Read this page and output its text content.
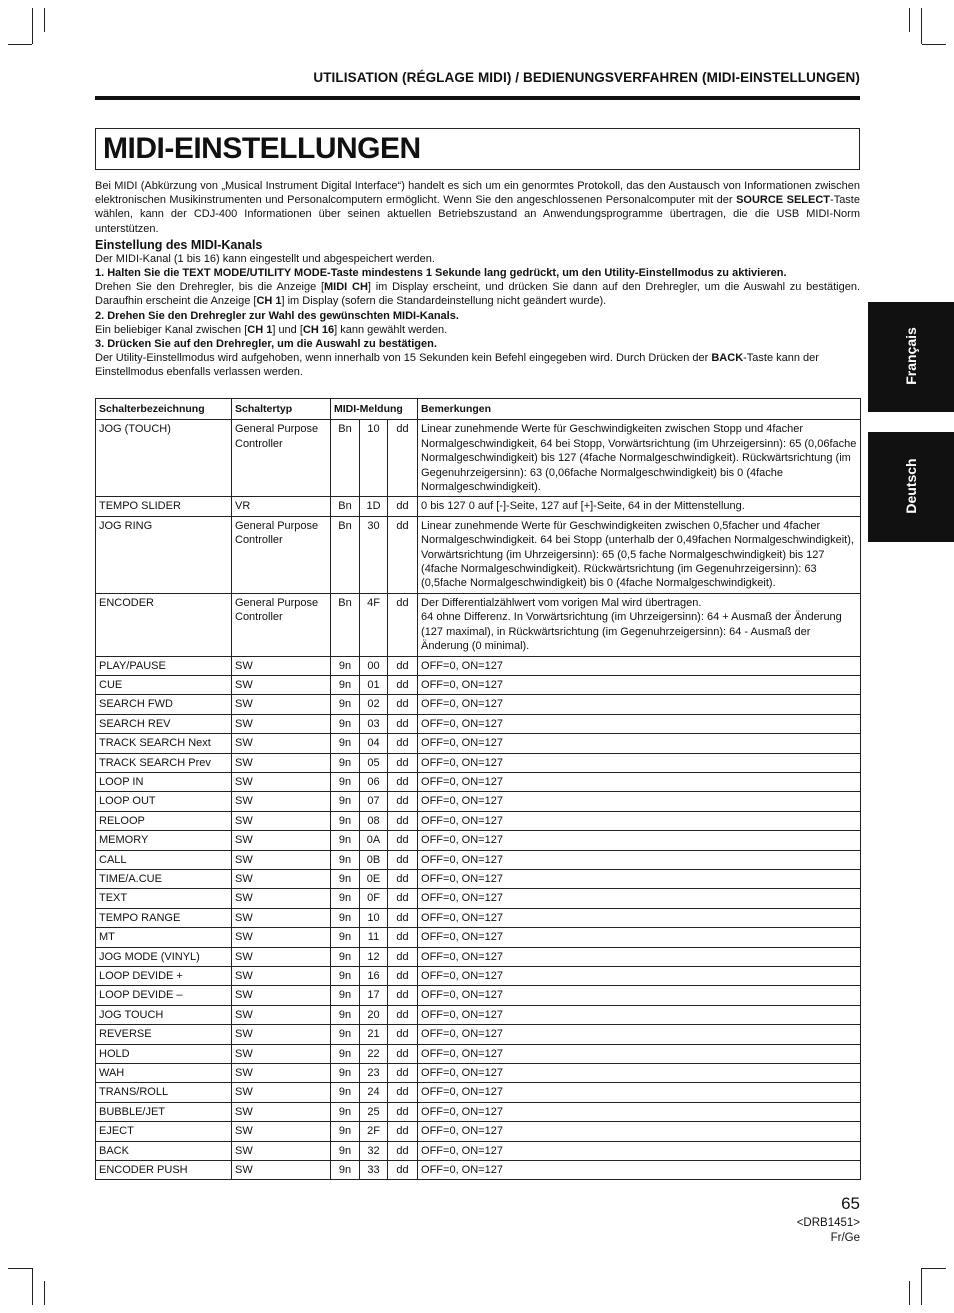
UTILISATION (RÉGLAGE MIDI) / BEDIENUNGSVERFAHREN (MIDI-EINSTELLUNGEN)
MIDI-EINSTELLUNGEN

Bei MIDI (Abkürzung von „Musical Instrument Digital Interface“) handelt es sich um ein genormtes Protokoll, das den Austausch von Informationen zwischen elektronischen Musikinstrumenten und Personalcomputern ermöglicht. Wenn Sie den angeschlossenen Personalcomputer mit der SOURCE SELECT-Taste wählen, kann der CDJ-400 Informationen über seinen aktuellen Betriebszustand an Anwendungsprogramme übertragen, die die USB MIDI-Norm unterstützen.

Einstellung des MIDI-Kanals

Der MIDI-Kanal (1 bis 16) kann eingestellt und abgespeichert werden.

1. Halten Sie die TEXT MODE/UTILITY MODE-Taste mindestens 1 Sekunde lang gedrückt, um den Utility-Einstellmodus zu aktivieren.

Drehen Sie den Drehregler, bis die Anzeige [MIDI CH] im Display erscheint, und drücken Sie dann auf den Drehregler, um die Auswahl zu bestätigen. Daraufhin erscheint die Anzeige [CH 1] im Display (sofern die Standardeinstellung nicht geändert wurde).

2. Drehen Sie den Drehregler zur Wahl des gewünschten MIDI-Kanals.

Ein beliebiger Kanal zwischen [CH 1] und [CH 16] kann gewählt werden.

3. Drücken Sie auf den Drehregler, um die Auswahl zu bestätigen.

Der Utility-Einstellmodus wird aufgehoben, wenn innerhalb von 15 Sekunden kein Befehl eingegeben wird. Durch Drücken der BACK-Taste kann der Einstellmodus ebenfalls verlassen werden.	Français
Deutsch
Schalterbezeichnung	Schaltertyp	MIDI-Meldung			Bemerkungen
JOG (TOUCH)	General Purpose Controller	Bn	10	dd	Linear zunehmende Werte für Geschwindigkeiten zwischen Stopp und 4facher Normalgeschwindigkeit, 64 bei Stopp, Vorwärtsrichtung (im Uhrzeigersinn): 65 (0,06fache Normalgeschwindigkeit) bis 127 (4fache Normalgeschwindigkeit). Rückwärtsrichtung (im Gegenuhrzeigersinn): 63 (0,06fache Normalgeschwindigkeit) bis 0 (4fache Normalgeschwindigkeit).
TEMPO SLIDER	VR	Bn	1D	dd	0 bis 127 0 auf [-]-Seite, 127 auf [+]-Seite, 64 in der Mittenstellung.
JOG RING	General Purpose Controller	Bn	30	dd	Linear zunehmende Werte für Geschwindigkeiten zwischen 0,5facher und 4facher Normalgeschwindigkeit. 64 bei Stopp (unterhalb der 0,49fachen Normalgeschwindigkeit), Vorwärtsrichtung (im Uhrzeigersinn): 65 (0,5 fache Normalgeschwindigkeit) bis 127 (4fache Normalgeschwindigkeit). Rückwärtsrichtung (im Gegenuhrzeigersinn): 63 (0,5fache Normalgeschwindigkeit) bis 0 (4fache Normalgeschwindigkeit).
ENCODER	General Purpose Controller	Bn	4F	dd	Der Differentialzählwert vom vorigen Mal wird übertragen.
64 ohne Differenz. In Vorwärtsrichtung (im Uhrzeigersinn): 64 + Ausmaß der Änderung (127 maximal), in Rückwärtsrichtung (im Gegenuhrzeigersinn): 64 - Ausmaß der Änderung (0 minimal).
PLAY/PAUSE	SW	9n	00	dd	OFF=0, ON=127
CUE	SW	9n	01	dd	OFF=0, ON=127
SEARCH FWD	SW	9n	02	dd	OFF=0, ON=127
SEARCH REV	SW	9n	03	dd	OFF=0, ON=127
TRACK SEARCH Next	SW	9n	04	dd	OFF=0, ON=127
TRACK SEARCH Prev	SW	9n	05	dd	OFF=0, ON=127
LOOP IN	SW	9n	06	dd	OFF=0, ON=127
LOOP OUT	SW	9n	07	dd	OFF=0, ON=127
RELOOP	SW	9n	08	dd	OFF=0, ON=127
MEMORY	SW	9n	0A	dd	OFF=0, ON=127
CALL	SW	9n	0B	dd	OFF=0, ON=127
TIME/A.CUE	SW	9n	0E	dd	OFF=0, ON=127
TEXT	SW	9n	0F	dd	OFF=0, ON=127
TEMPO RANGE	SW	9n	10	dd	OFF=0, ON=127
MT	SW	9n	11	dd	OFF=0, ON=127
JOG MODE (VINYL)	SW	9n	12	dd	OFF=0, ON=127
LOOP DEVIDE +	SW	9n	16	dd	OFF=0, ON=127
LOOP DEVIDE –	SW	9n	17	dd	OFF=0, ON=127
JOG TOUCH	SW	9n	20	dd	OFF=0, ON=127
REVERSE	SW	9n	21	dd	OFF=0, ON=127
HOLD	SW	9n	22	dd	OFF=0, ON=127
WAH	SW	9n	23	dd	OFF=0, ON=127
TRANS/ROLL	SW	9n	24	dd	OFF=0, ON=127
BUBBLE/JET	SW	9n	25	dd	OFF=0, ON=127
EJECT	SW	9n	2F	dd	OFF=0, ON=127
BACK	SW	9n	32	dd	OFF=0, ON=127
ENCODER PUSH	SW	9n	33	dd	OFF=0, ON=127
65
<DRB1451>
Fr/Ge
